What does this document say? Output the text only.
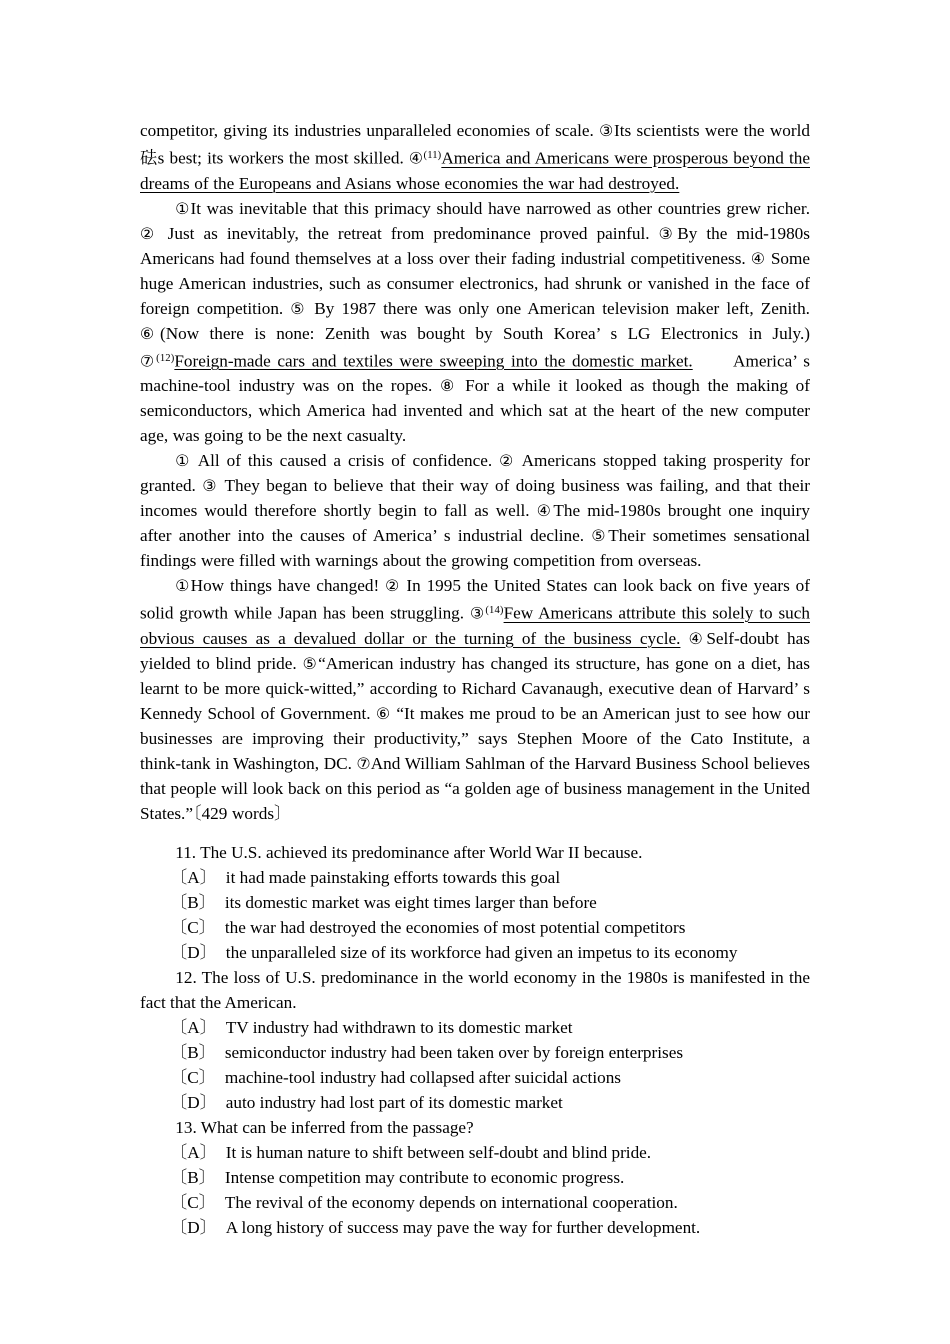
competitor, giving its industries unparalleled economies of scale. ③Its scientists were the world 砝s best; its workers the most skilled. ④$^{(11)}$America and Americans were prosperous beyond the dreams of the Europeans and Asians whose economies the war had destroyed.

①It was inevitable that this primacy should have narrowed as other countries grew richer. ② Just as inevitably, the retreat from predominance proved painful. ③By the mid‑1980s Americans had found themselves at a loss over their fading industrial competitiveness. ④ Some huge American industries, such as consumer electronics, had shrunk or vanished in the face of foreign competition. ⑤ By 1987 there was only one American television maker left, Zenith. ⑥(Now there is none: Zenith was bought by South Korea’ s LG Electronics in July.) ⑦$^{(12)}$Foreign‑made cars and textiles were sweeping into the domestic market.　　America’ s machine‑tool industry was on the ropes. ⑧ For a while it looked as though the making of semiconductors, which America had invented and which sat at the heart of the new computer age, was going to be the next casualty.

① All of this caused a crisis of confidence. ② Americans stopped taking prosperity for granted. ③ They began to believe that their way of doing business was failing, and that their incomes would therefore shortly begin to fall as well. ④The mid‑1980s brought one inquiry after another into the causes of America’ s industrial decline. ⑤Their sometimes sensational findings were filled with warnings about the growing competition from overseas.

①How things have changed! ② In 1995 the United States can look back on five years of solid growth while Japan has been struggling. ③$^{(14)}$Few Americans attribute this solely to such obvious causes as a devalued dollar or the turning of the business cycle. ④Self‑doubt has yielded to blind pride. ⑤“American industry has changed its structure, has gone on a diet, has learnt to be more quick‑witted,” according to Richard Cavanaugh, executive dean of Harvard’ s Kennedy School of Government. ⑥ “It makes me proud to be an American just to see how our businesses are improving their productivity,” says Stephen Moore of the Cato Institute, a think‑tank in Washington, DC. ⑦And William Sahlman of the Harvard Business School believes that people will look back on this period as “a golden age of business management in the United States.”〔429 words〕

11. The U.S. achieved its predominance after World War II because.

〔A〕 it had made painstaking efforts towards this goal

〔B〕 its domestic market was eight times larger than before

〔C〕 the war had destroyed the economies of most potential competitors

〔D〕 the unparalleled size of its workforce had given an impetus to its economy

12. The loss of U.S. predominance in the world economy in the 1980s is manifested in the fact that the American.

〔A〕 TV industry had withdrawn to its domestic market

〔B〕 semiconductor industry had been taken over by foreign enterprises

〔C〕 machine‑tool industry had collapsed after suicidal actions

〔D〕 auto industry had lost part of its domestic market

13. What can be inferred from the passage?

〔A〕 It is human nature to shift between self‑doubt and blind pride.

〔B〕 Intense competition may contribute to economic progress.

〔C〕 The revival of the economy depends on international cooperation.

〔D〕 A long history of success may pave the way for further development.
